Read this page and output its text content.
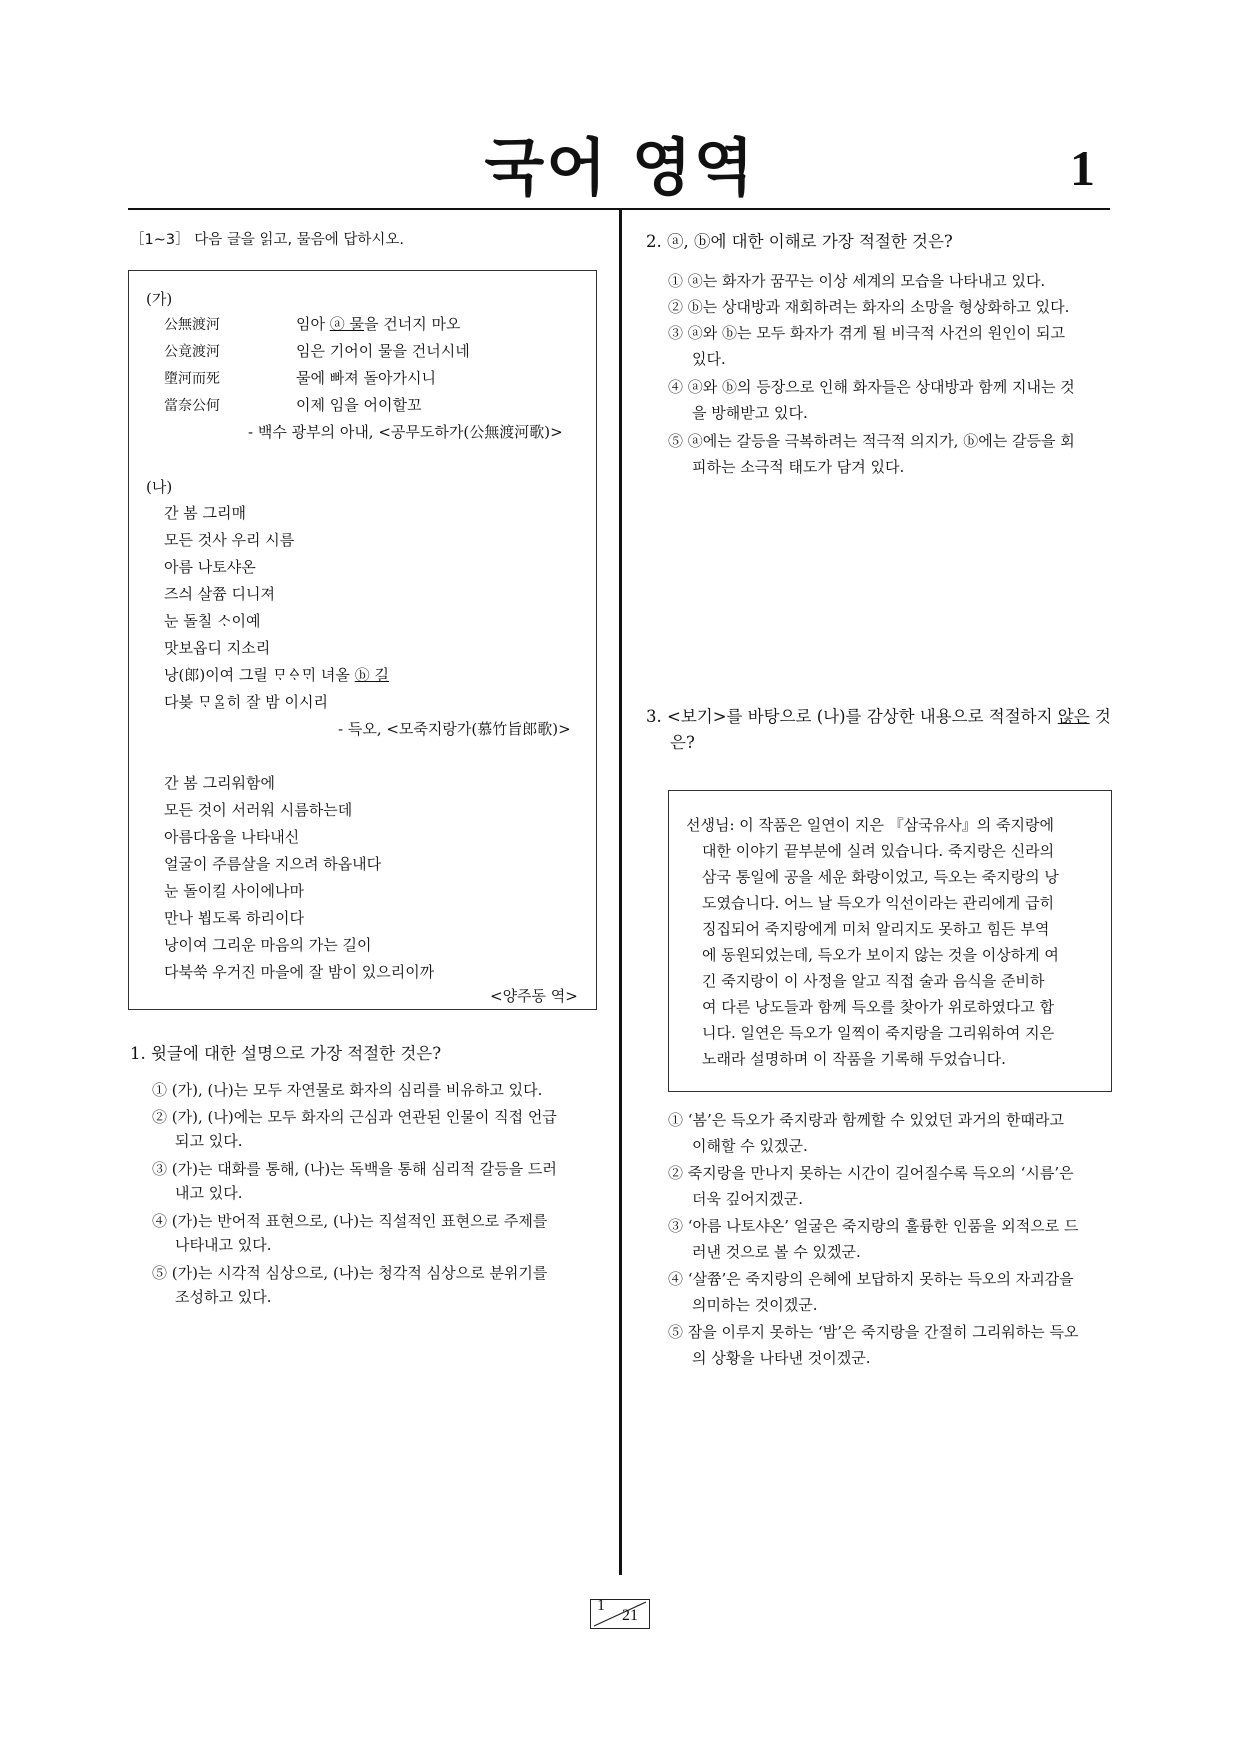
국어 영역	1
［1∼3］ 다음 글을 읽고, 물음에 답하시오.
(가)
公無渡河	임아 ⓐ 물을 건너지 마오
公竟渡河	임은 기어이 물을 건너시네
墮河而死	물에 빠져 돌아가시니
當奈公何	이제 임을 어이할꼬
- 백수 광부의 아내, <공무도하가(公無渡河歌)>
(나)
간 봄 그리매
모든 것사 우리 시름
아름 나토샤온
즈싀 살쯈 디니져
눈 돌칠 ᄉᆞ이예
맛보옵디 지소리
낭(郎)이여 그릴 ᄆᆞᅀᆞᄆᆡ 녀올 ⓑ 길
다봊 ᄆᆞᄋᆞᆯ히 잘 밤 이시리
- 득오, <모죽지랑가(慕竹旨郎歌)>
간 봄 그리워함에
모든 것이 서러워 시름하는데
아름다움을 나타내신
얼굴이 주름살을 지으려 하옵내다
눈 돌이킬 사이에나마
만나 뵙도록 하리이다
낭이여 그리운 마음의 가는 길이
다북쑥 우거진 마을에 잘 밤이 있으리이까
<양주동 역>
1. 윗글에 대한 설명으로 가장 적절한 것은?
① (가), (나)는 모두 자연물로 화자의 심리를 비유하고 있다.
② (가), (나)에는 모두 화자의 근심과 연관된 인물이 직접 언급
되고 있다.
③ (가)는 대화를 통해, (나)는 독백을 통해 심리적 갈등을 드러
내고 있다.
④ (가)는 반어적 표현으로, (나)는 직설적인 표현으로 주제를
나타내고 있다.
⑤ (가)는 시각적 심상으로, (나)는 청각적 심상으로 분위기를
조성하고 있다.
2. ⓐ, ⓑ에 대한 이해로 가장 적절한 것은?
① ⓐ는 화자가 꿈꾸는 이상 세계의 모습을 나타내고 있다.
② ⓑ는 상대방과 재회하려는 화자의 소망을 형상화하고 있다.
③ ⓐ와 ⓑ는 모두 화자가 겪게 될 비극적 사건의 원인이 되고
있다.
④ ⓐ와 ⓑ의 등장으로 인해 화자들은 상대방과 함께 지내는 것
을 방해받고 있다.
⑤ ⓐ에는 갈등을 극복하려는 적극적 의지가, ⓑ에는 갈등을 회
피하는 소극적 태도가 담겨 있다.
3. <보기>를 바탕으로 (나)를 감상한 내용으로 적절하지 않은 것
은?
선생님: 이 작품은 일연이 지은 『삼국유사』의 죽지랑에
대한 이야기 끝부분에 실려 있습니다. 죽지랑은 신라의
삼국 통일에 공을 세운 화랑이었고, 득오는 죽지랑의 낭
도였습니다. 어느 날 득오가 익선이라는 관리에게 급히
징집되어 죽지랑에게 미처 알리지도 못하고 힘든 부역
에 동원되었는데, 득오가 보이지 않는 것을 이상하게 여
긴 죽지랑이 이 사정을 알고 직접 술과 음식을 준비하
여 다른 낭도들과 함께 득오를 찾아가 위로하였다고 합
니다. 일연은 득오가 일찍이 죽지랑을 그리워하여 지은
노래라 설명하며 이 작품을 기록해 두었습니다.
① ‘봄’은 득오가 죽지랑과 함께할 수 있었던 과거의 한때라고
이해할 수 있겠군.
② 죽지랑을 만나지 못하는 시간이 길어질수록 득오의 ‘시름’은
더욱 깊어지겠군.
③ ‘아름 나토샤온’ 얼굴은 죽지랑의 훌륭한 인품을 외적으로 드
러낸 것으로 볼 수 있겠군.
④ ‘살쯈’은 죽지랑의 은혜에 보답하지 못하는 득오의 자괴감을
의미하는 것이겠군.
⑤ 잠을 이루지 못하는 ‘밤’은 죽지랑을 간절히 그리워하는 득오
의 상황을 나타낸 것이겠군.
1
21
